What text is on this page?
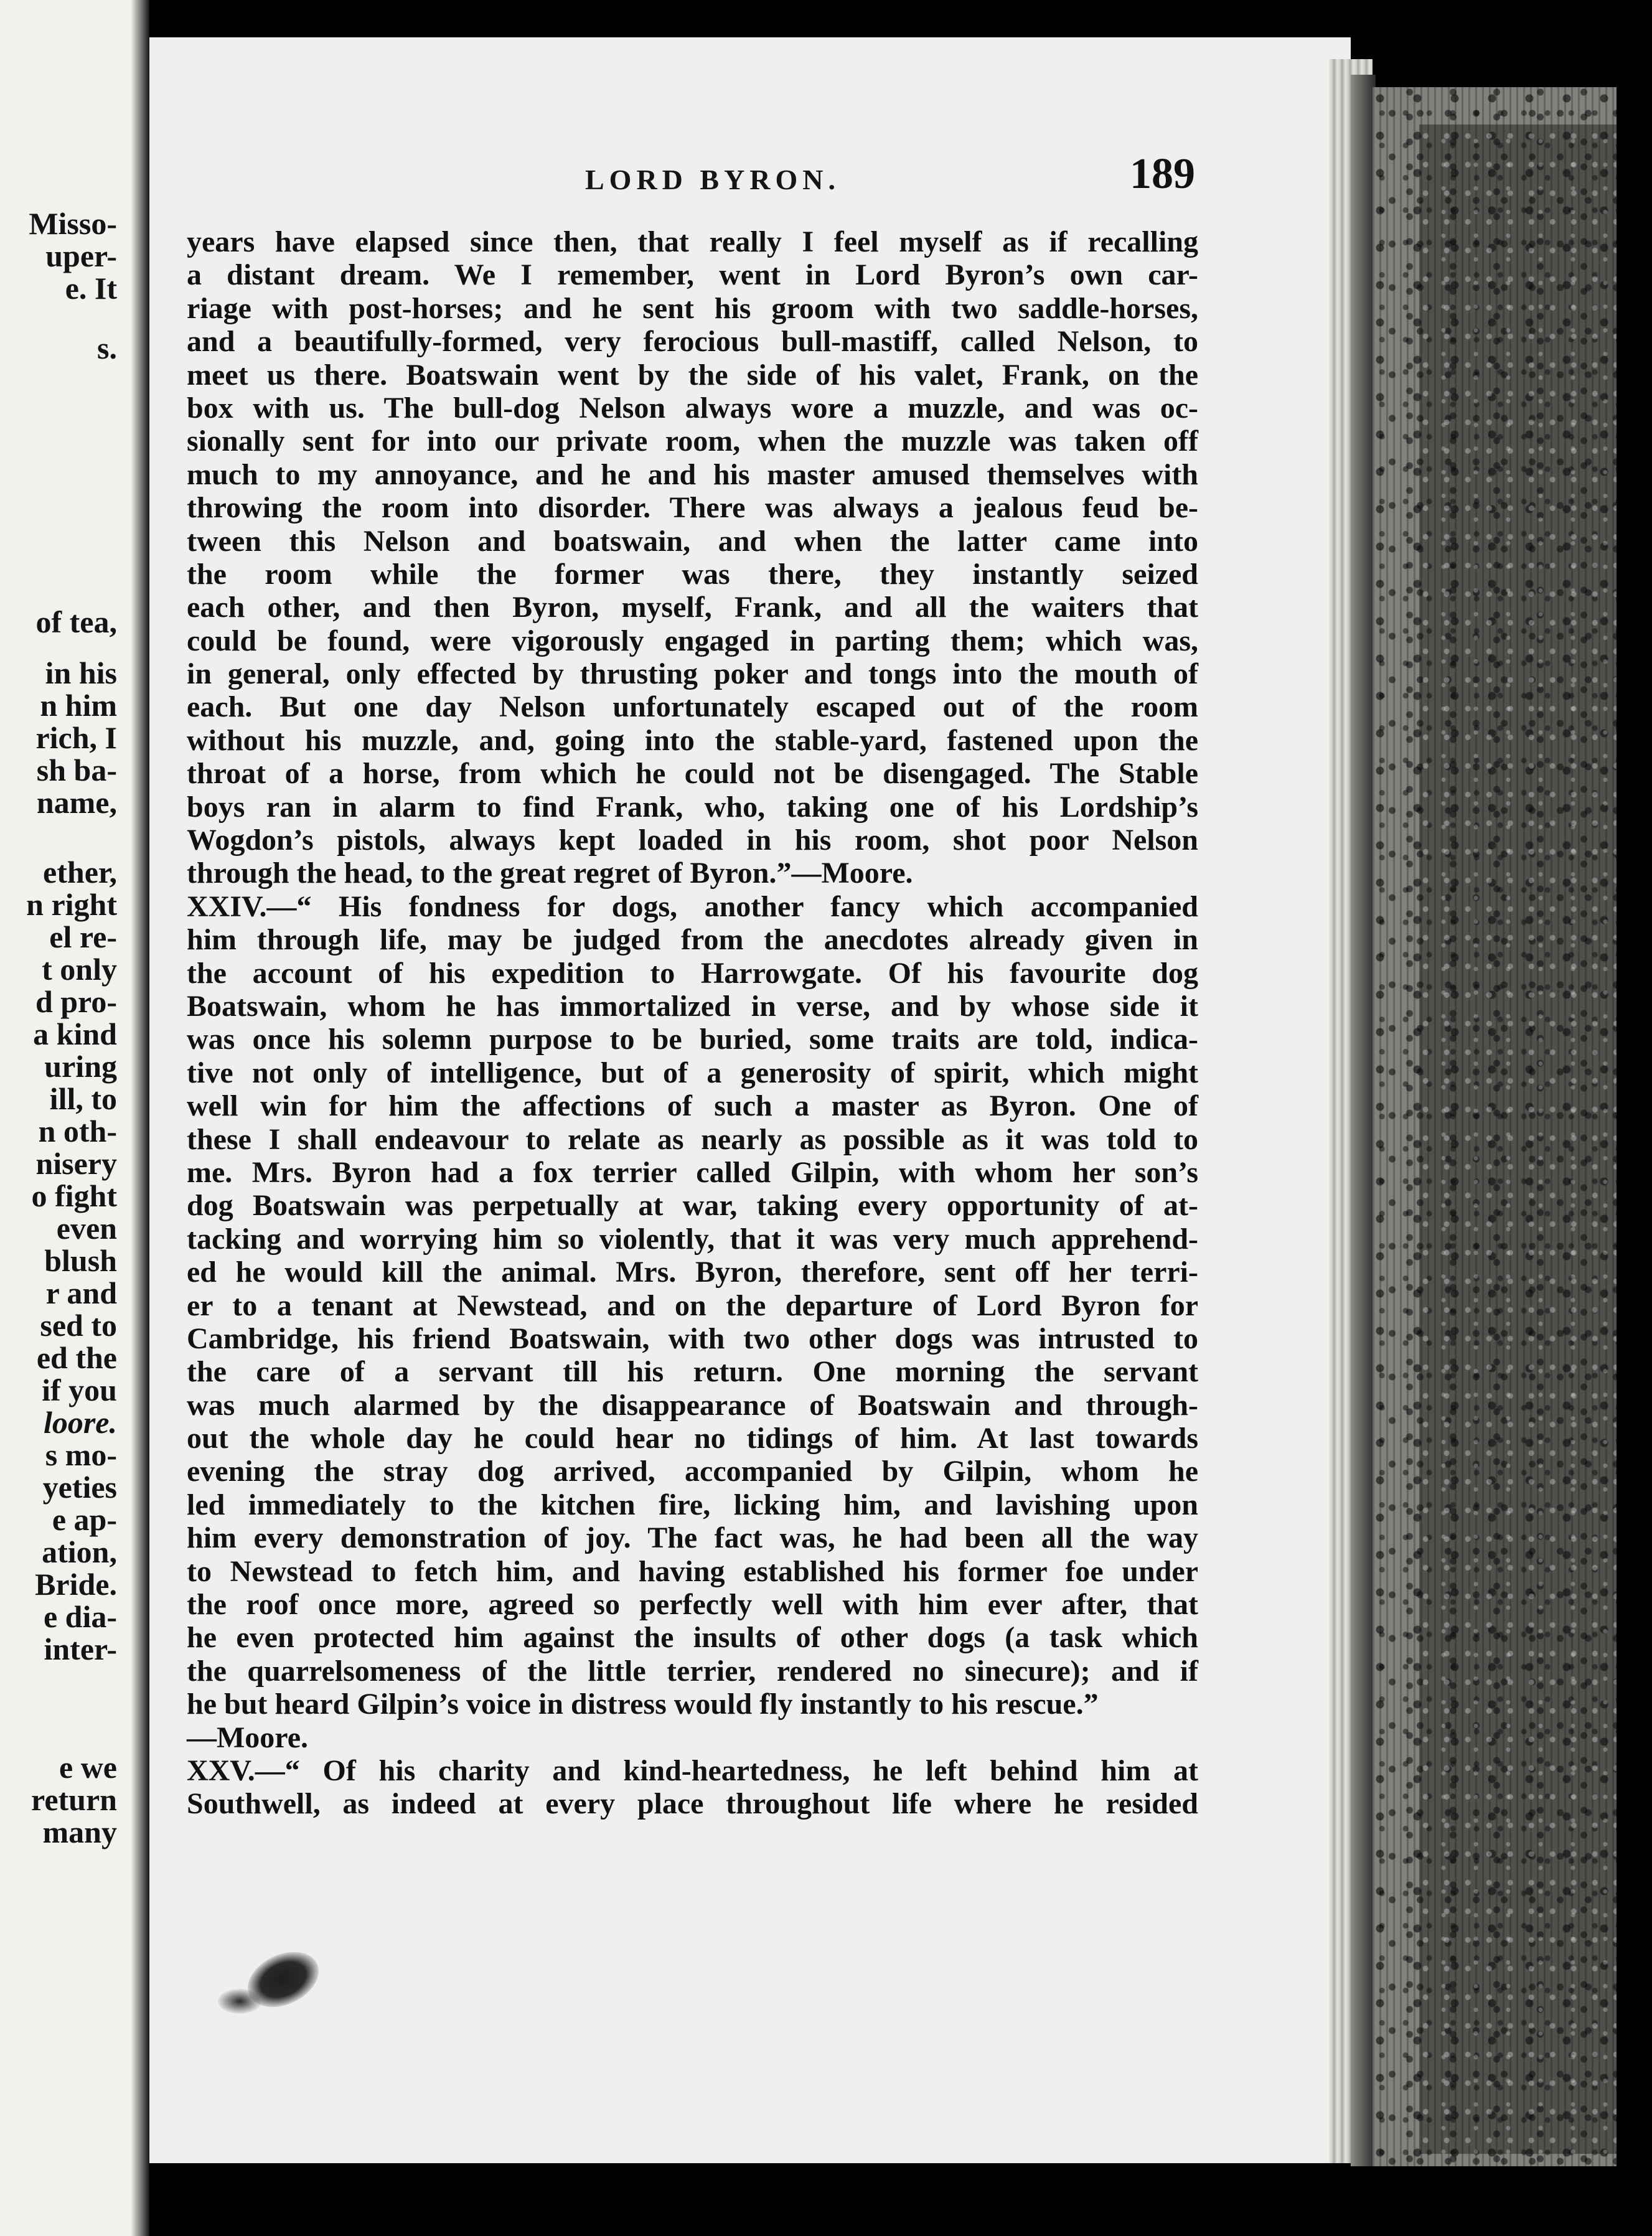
Misso-
uper-
e. It
s.
of tea,
in his
n him
rich, I
sh ba-
name,
ether,
n right
el re-
t only
d pro-
a kind
uring
ill, to
n oth-
nisery
o fight
even
blush
r and
sed to
ed the
if you
loore.
s mo-
yeties
e ap-
ation,
Bride.
e dia-
inter-
e we
return
many
LORD BYRON.	189
years have elapsed since then, that really I feel myself as if recalling
a distant dream. We I remember, went in Lord Byron’s own car-
riage with post-horses; and he sent his groom with two saddle-horses,
and a beautifully-formed, very ferocious bull-mastiff, called Nelson, to
meet us there. Boatswain went by the side of his valet, Frank, on the
box with us. The bull-dog Nelson always wore a muzzle, and was oc-
sionally sent for into our private room, when the muzzle was taken off
much to my annoyance, and he and his master amused themselves with
throwing the room into disorder. There was always a jealous feud be-
tween this Nelson and boatswain, and when the latter came into
the room while the former was there, they instantly seized
each other, and then Byron, myself, Frank, and all the waiters that
could be found, were vigorously engaged in parting them; which was,
in general, only effected by thrusting poker and tongs into the mouth of
each. But one day Nelson unfortunately escaped out of the room
without his muzzle, and, going into the stable-yard, fastened upon the
throat of a horse, from which he could not be disengaged. The Stable
boys ran in alarm to find Frank, who, taking one of his Lordship’s
Wogdon’s pistols, always kept loaded in his room, shot poor Nelson
through the head, to the great regret of Byron.”—Moore.
XXIV.—“ His fondness for dogs, another fancy which accompanied
him through life, may be judged from the anecdotes already given in
the account of his expedition to Harrowgate. Of his favourite dog
Boatswain, whom he has immortalized in verse, and by whose side it
was once his solemn purpose to be buried, some traits are told, indica-
tive not only of intelligence, but of a generosity of spirit, which might
well win for him the affections of such a master as Byron. One of
these I shall endeavour to relate as nearly as possible as it was told to
me. Mrs. Byron had a fox terrier called Gilpin, with whom her son’s
dog Boatswain was perpetually at war, taking every opportunity of at-
tacking and worrying him so violently, that it was very much apprehend-
ed he would kill the animal. Mrs. Byron, therefore, sent off her terri-
er to a tenant at Newstead, and on the departure of Lord Byron for
Cambridge, his friend Boatswain, with two other dogs was intrusted to
the care of a servant till his return. One morning the servant
was much alarmed by the disappearance of Boatswain and through-
out the whole day he could hear no tidings of him. At last towards
evening the stray dog arrived, accompanied by Gilpin, whom he
led immediately to the kitchen fire, licking him, and lavishing upon
him every demonstration of joy. The fact was, he had been all the way
to Newstead to fetch him, and having established his former foe under
the roof once more, agreed so perfectly well with him ever after, that
he even protected him against the insults of other dogs (a task which
the quarrelsomeness of the little terrier, rendered no sinecure); and if
he but heard Gilpin’s voice in distress would fly instantly to his rescue.”
—Moore.
XXV.—“ Of his charity and kind-heartedness, he left behind him at
Southwell, as indeed at every place throughout life where he resided
